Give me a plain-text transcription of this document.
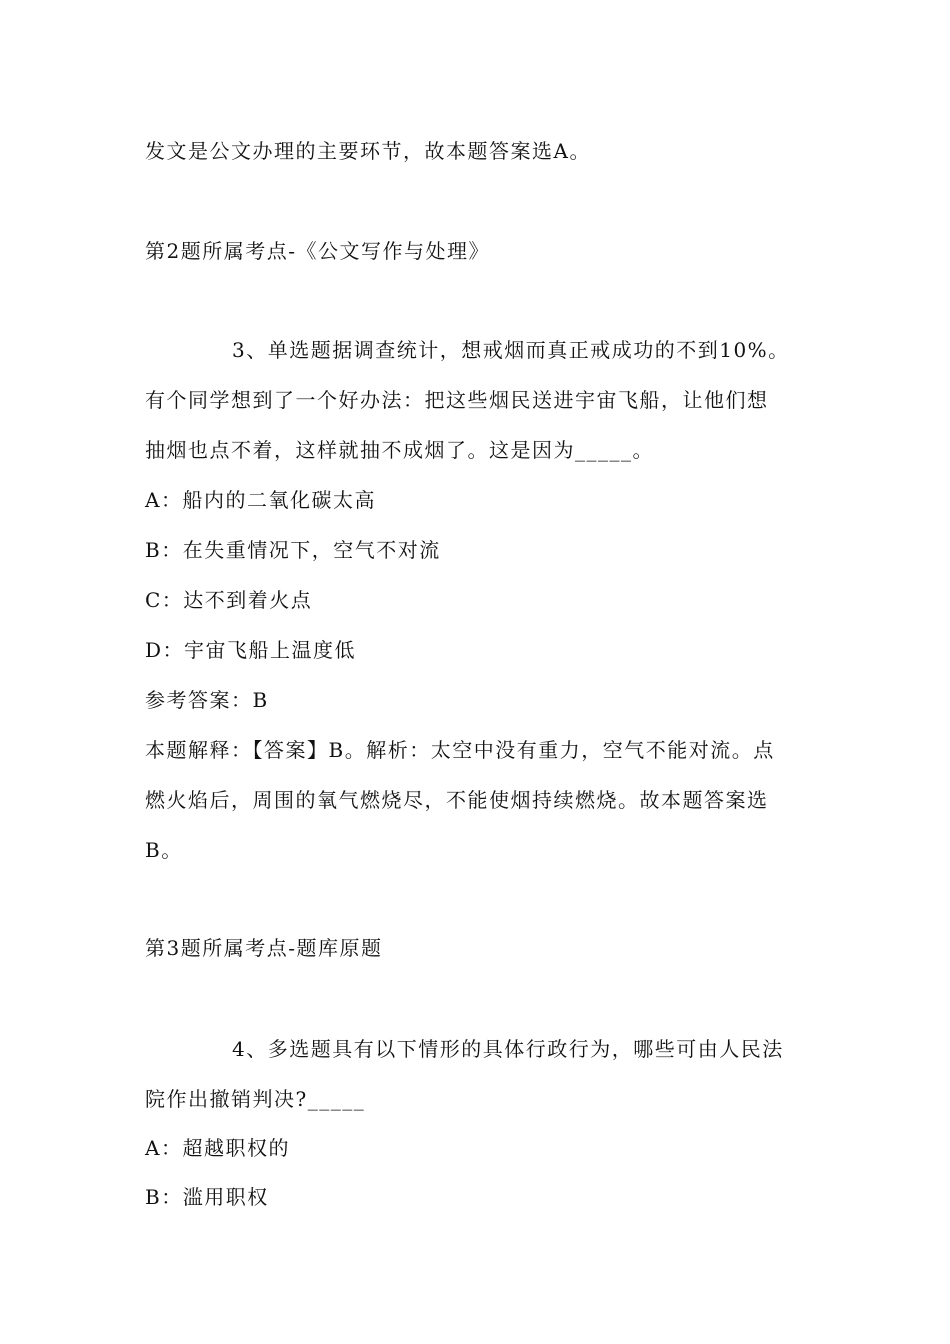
发文是公文办理的主要环节，故本题答案选A。
第2题所属考点-《公文写作与处理》
3、单选题据调查统计，想戒烟而真正戒成功的不到10%。
有个同学想到了一个好办法：把这些烟民送进宇宙飞船，让他们想
抽烟也点不着，这样就抽不成烟了。这是因为_____。
A：船内的二氧化碳太高
B：在失重情况下，空气不对流
C：达不到着火点
D：宇宙飞船上温度低
参考答案：B
本题解释：【答案】B。解析：太空中没有重力，空气不能对流。点
燃火焰后，周围的氧气燃烧尽，不能使烟持续燃烧。故本题答案选
B。
第3题所属考点-题库原题
4、多选题具有以下情形的具体行政行为，哪些可由人民法
院作出撤销判决?_____
A：超越职权的
B：滥用职权
